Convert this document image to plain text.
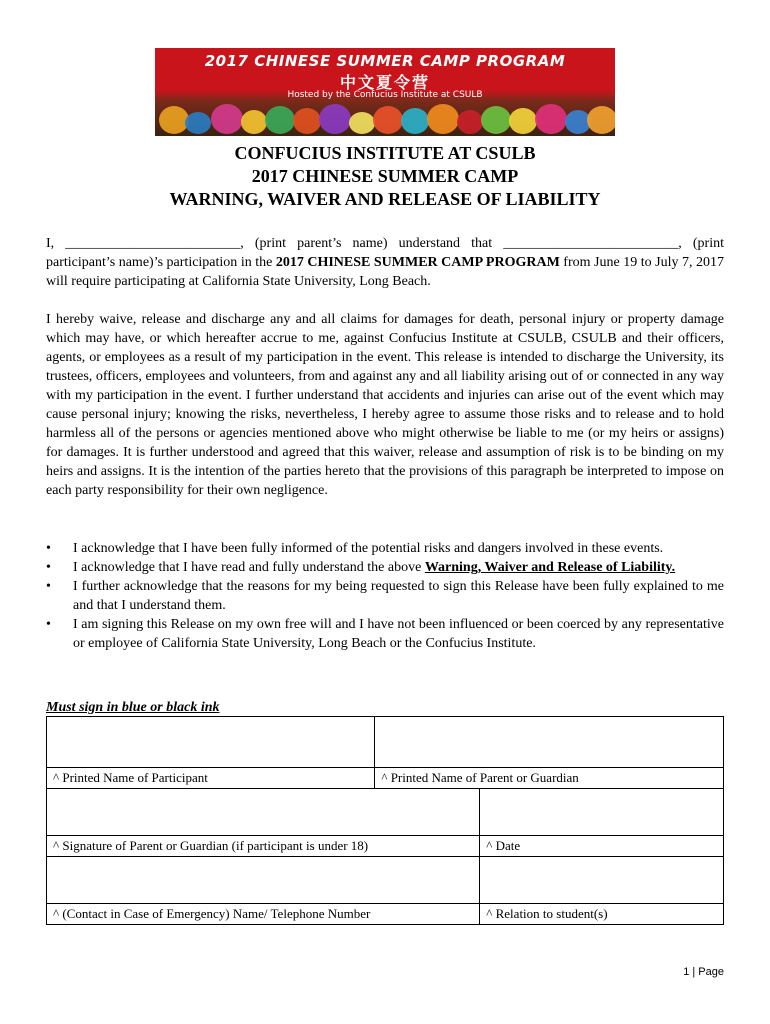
2017 CHINESE SUMMER CAMP PROGRAM
中文夏令营
Hosted by the Confucius Institute at CSULB
CONFUCIUS INSTITUTE AT CSULB
2017 CHINESE SUMMER CAMP
WARNING, WAIVER AND RELEASE OF LIABILITY
I, _________________________, (print parent’s name) understand that _________________________, (print participant’s name)’s participation in the 2017 CHINESE SUMMER CAMP PROGRAM from June 19 to July 7, 2017 will require participating at California State University, Long Beach.
I hereby waive, release and discharge any and all claims for damages for death, personal injury or property damage which may have, or which hereafter accrue to me, against Confucius Institute at CSULB, CSULB and their officers, agents, or employees as a result of my participation in the event. This release is intended to discharge the University, its trustees, officers, employees and volunteers, from and against any and all liability arising out of or connected in any way with my participation in the event. I further understand that accidents and injuries can arise out of the event which may cause personal injury; knowing the risks, nevertheless, I hereby agree to assume those risks and to release and to hold harmless all of the persons or agencies mentioned above who might otherwise be liable to me (or my heirs or assigns) for damages. It is further understood and agreed that this waiver, release and assumption of risk is to be binding on my heirs and assigns. It is the intention of the parties hereto that the provisions of this paragraph be interpreted to impose on each party responsibility for their own negligence.
• I acknowledge that I have been fully informed of the potential risks and dangers involved in these events.
• I acknowledge that I have read and fully understand the above Warning, Waiver and Release of Liability.
• I further acknowledge that the reasons for my being requested to sign this Release have been fully explained to me and that I understand them.
• I am signing this Release on my own free will and I have not been influenced or been coerced by any representative or employee of California State University, Long Beach or the Confucius Institute.
Must sign in blue or black ink

^ Printed Name of Participant	^ Printed Name of Parent or Guardian	

^ Signature of Parent or Guardian (if participant is under 18)		^ Date

^ (Contact in Case of Emergency) Name/ Telephone Number		^ Relation to student(s)
1 | Page
